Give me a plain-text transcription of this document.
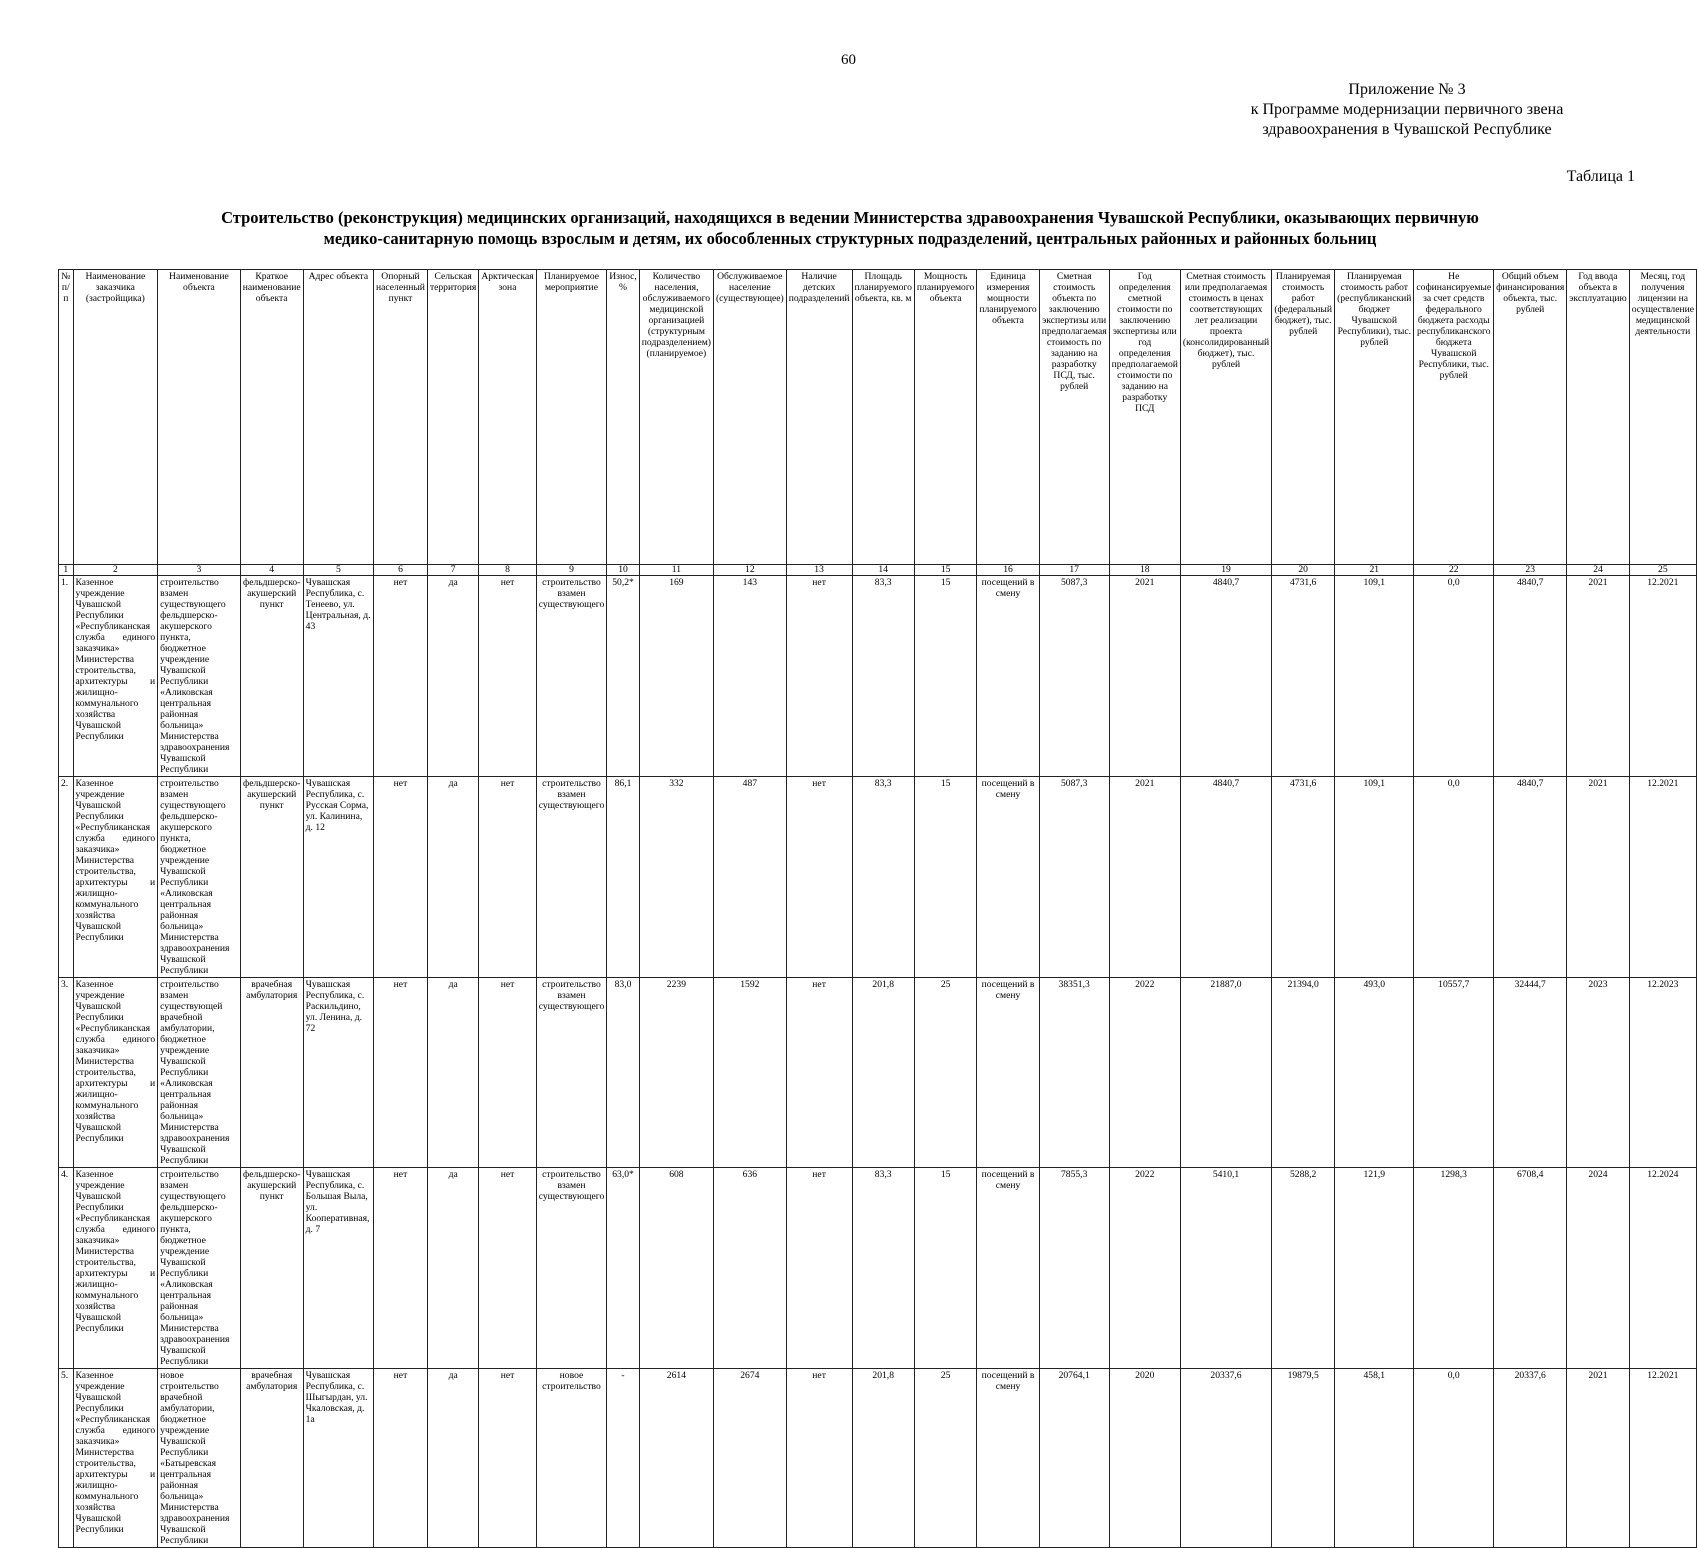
60
Приложение № 3
к Программе модернизации первичного звена
здравоохранения в Чувашской Республике
Таблица 1
Строительство (реконструкция) медицинских организаций, находящихся в ведении Министерства здравоохранения Чувашской Республики, оказывающих первичную
медико-санитарную помощь взрослым и детям, их обособленных структурных подразделений, центральных районных и районных больниц
№ п/п	Наименование заказчика (застройщика)	Наименование объекта	Краткое наименование объекта	Адрес объекта	Опорный населенный пункт	Сельская территория	Арктическая зона	Планируемое мероприятие	Износ, %	Количество населения, обслуживаемого медицинской организацией (структурным подразделением) (планируемое)	Обслуживаемое население (существующее)	Наличие детских подразделений	Площадь планируемого объекта, кв. м	Мощность планируемого объекта	Единица измерения мощности планируемого объекта	Сметная стоимость объекта по заключению экспертизы или предполагаемая стоимость по заданию на разработку ПСД, тыс. рублей	Год определения сметной стоимости по заключению экспертизы или год определения предполагаемой стоимости по заданию на разработку ПСД	Сметная стоимость или предполагаемая стоимость в ценах соответствующих лет реализации проекта (консолидированный бюджет), тыс. рублей	Планируемая стоимость работ (федеральный бюджет), тыс. рублей	Планируемая стоимость работ (республиканский бюджет Чувашской Республики), тыс. рублей	Не софинансируемые за счет средств федерального бюджета расходы республиканского бюджета Чувашской Республики, тыс. рублей	Общий объем финансирования объекта, тыс. рублей	Год ввода объекта в эксплуатацию	Месяц, год получения лицензии на осуществление медицинской деятельности
1	2	3	4	5	6	7	8	9	10	11	12	13	14	15	16	17	18	19	20	21	22	23	24	25
1.	Казенное учреждение Чувашской Республики «Республиканская служба единого заказчика» Министерства строительства, архитектуры и жилищно-коммунального хозяйства Чувашской Республики	строительство взамен существующего фельдшерско-акушерского пункта, бюджетное учреждение Чувашской Республики «Аликовская центральная районная больница» Министерства здравоохранения Чувашской Республики	фельдшерско-акушерский пункт	Чувашская Республика, с. Тенеево, ул. Центральная, д. 43	нет	да	нет	строительство взамен существующего	50,2*	169	143	нет	83,3	15	посещений в смену	5087,3	2021	4840,7	4731,6	109,1	0,0	4840,7	2021	12.2021
2.	Казенное учреждение Чувашской Республики «Республиканская служба единого заказчика» Министерства строительства, архитектуры и жилищно-коммунального хозяйства Чувашской Республики	строительство взамен существующего фельдшерско-акушерского пункта, бюджетное учреждение Чувашской Республики «Аликовская центральная районная больница» Министерства здравоохранения Чувашской Республики	фельдшерско-акушерский пункт	Чувашская Республика, с. Русская Сорма, ул. Калинина, д. 12	нет	да	нет	строительство взамен существующего	86,1	332	487	нет	83,3	15	посещений в смену	5087,3	2021	4840,7	4731,6	109,1	0,0	4840,7	2021	12.2021
3.	Казенное учреждение Чувашской Республики «Республиканская служба единого заказчика» Министерства строительства, архитектуры и жилищно-коммунального хозяйства Чувашской Республики	строительство взамен существующей врачебной амбулатории, бюджетное учреждение Чувашской Республики «Аликовская центральная районная больница» Министерства здравоохранения Чувашской Республики	врачебная амбулатория	Чувашская Республика, с. Раскильдино, ул. Ленина, д. 72	нет	да	нет	строительство взамен существующего	83,0	2239	1592	нет	201,8	25	посещений в смену	38351,3	2022	21887,0	21394,0	493,0	10557,7	32444,7	2023	12.2023
4.	Казенное учреждение Чувашской Республики «Республиканская служба единого заказчика» Министерства строительства, архитектуры и жилищно-коммунального хозяйства Чувашской Республики	строительство взамен существующего фельдшерско-акушерского пункта, бюджетное учреждение Чувашской Республики «Аликовская центральная районная больница» Министерства здравоохранения Чувашской Республики	фельдшерско-акушерский пункт	Чувашская Республика, с. Большая Выла, ул. Кооперативная, д. 7	нет	да	нет	строительство взамен существующего	63,0*	608	636	нет	83,3	15	посещений в смену	7855,3	2022	5410,1	5288,2	121,9	1298,3	6708,4	2024	12.2024
5.	Казенное учреждение Чувашской Республики «Республиканская служба единого заказчика» Министерства строительства, архитектуры и жилищно-коммунального хозяйства Чувашской Республики	новое строительство врачебной амбулатории, бюджетное учреждение Чувашской Республики «Батыревская центральная районная больница» Министерства здравоохранения Чувашской Республики	врачебная амбулатория	Чувашская Республика, с. Шыгырдан, ул. Чкаловская, д. 1а	нет	да	нет	новое строительство	-	2614	2674	нет	201,8	25	посещений в смену	20764,1	2020	20337,6	19879,5	458,1	0,0	20337,6	2021	12.2021
